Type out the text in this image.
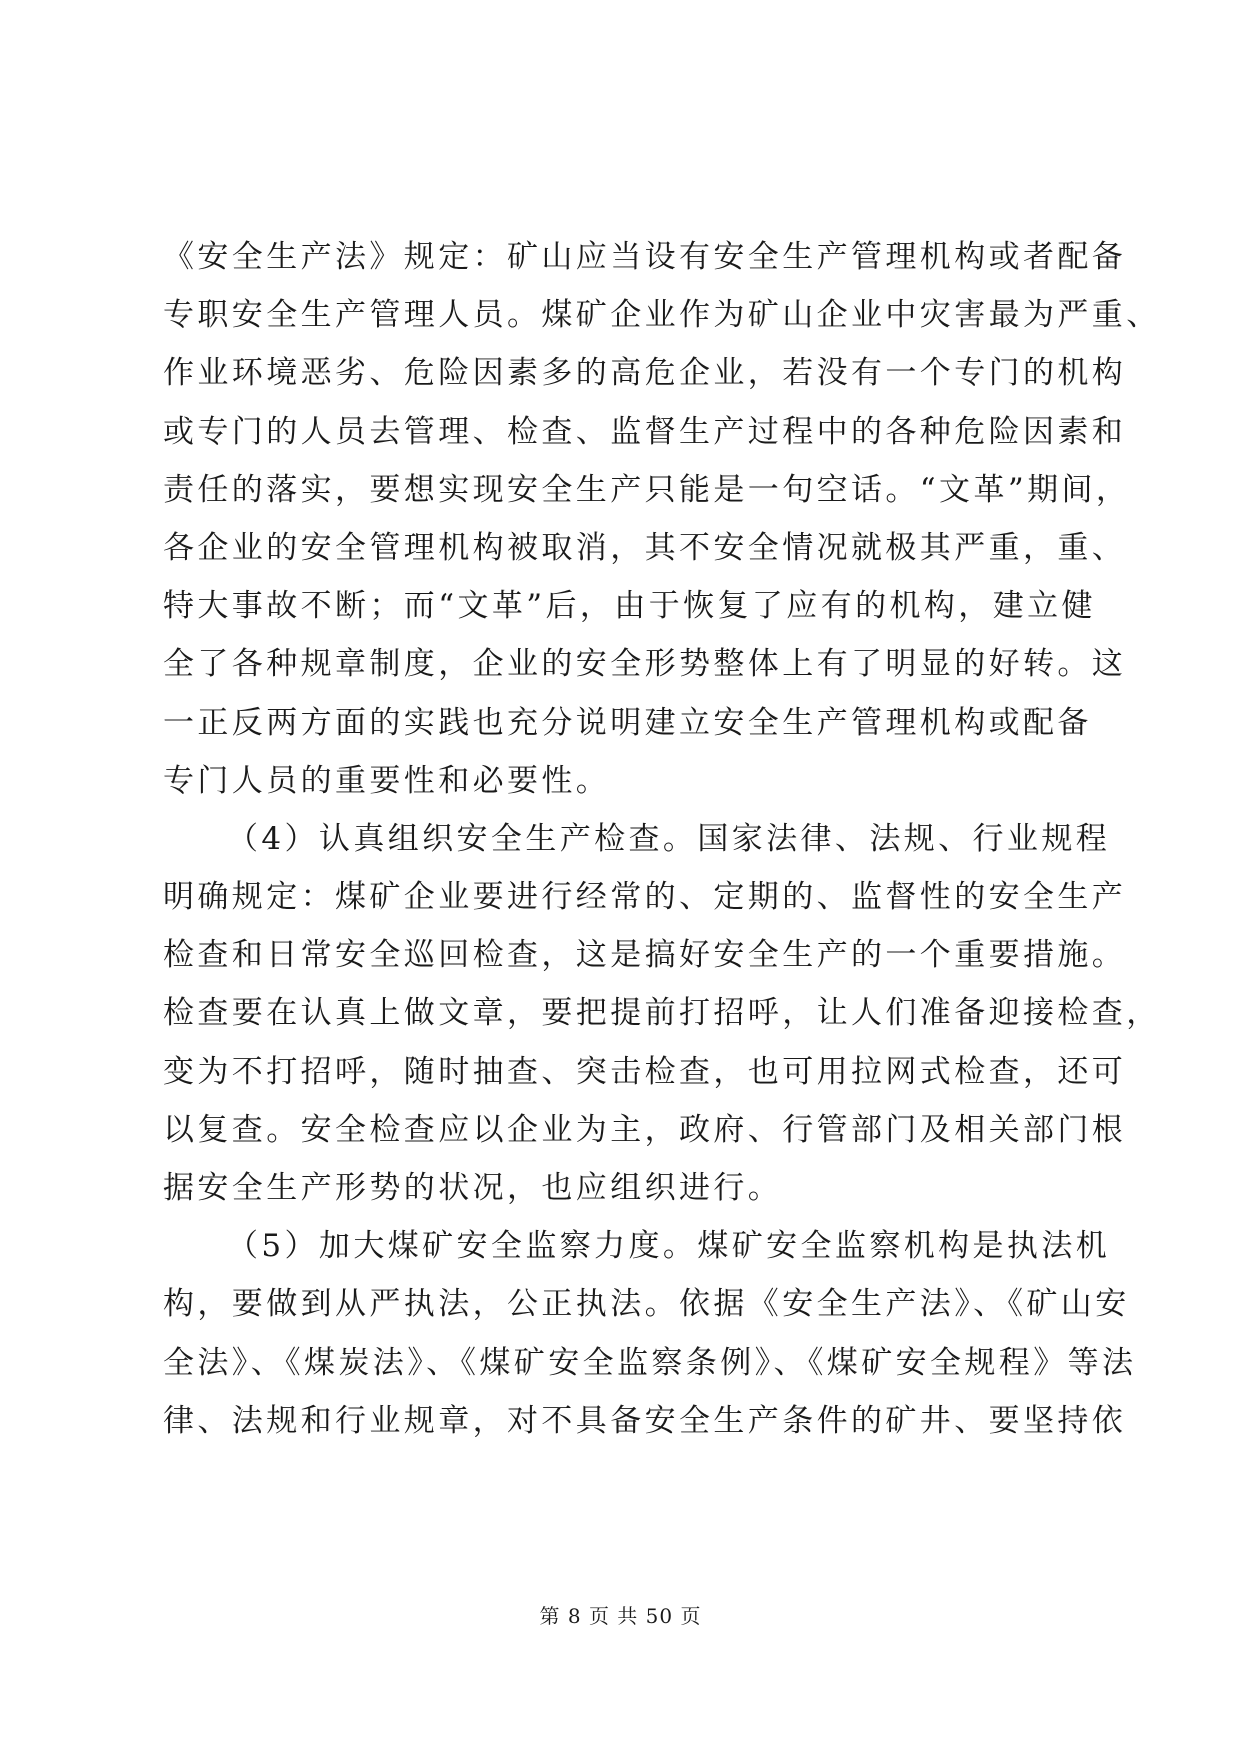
《安全生产法》规定：矿山应当设有安全生产管理机构或者配备
专职安全生产管理人员。煤矿企业作为矿山企业中灾害最为严重、
作业环境恶劣、危险因素多的高危企业，若没有一个专门的机构
或专门的人员去管理、检查、监督生产过程中的各种危险因素和
责任的落实，要想实现安全生产只能是一句空话。“文革”期间，
各企业的安全管理机构被取消，其不安全情况就极其严重，重、
特大事故不断；而“文革”后，由于恢复了应有的机构，建立健
全了各种规章制度，企业的安全形势整体上有了明显的好转。这
一正反两方面的实践也充分说明建立安全生产管理机构或配备
专门人员的重要性和必要性。
（4）认真组织安全生产检查。国家法律、法规、行业规程
明确规定：煤矿企业要进行经常的、定期的、监督性的安全生产
检查和日常安全巡回检查，这是搞好安全生产的一个重要措施。
检查要在认真上做文章，要把提前打招呼，让人们准备迎接检查，
变为不打招呼，随时抽查、突击检查，也可用拉网式检查，还可
以复查。安全检查应以企业为主，政府、行管部门及相关部门根
据安全生产形势的状况，也应组织进行。
（5）加大煤矿安全监察力度。煤矿安全监察机构是执法机
构，要做到从严执法，公正执法。依据《安全生产法》、《矿山安
全法》、《煤炭法》、《煤矿安全监察条例》、《煤矿安全规程》等法
律、法规和行业规章，对不具备安全生产条件的矿井、要坚持依
第 8 页 共 50 页
